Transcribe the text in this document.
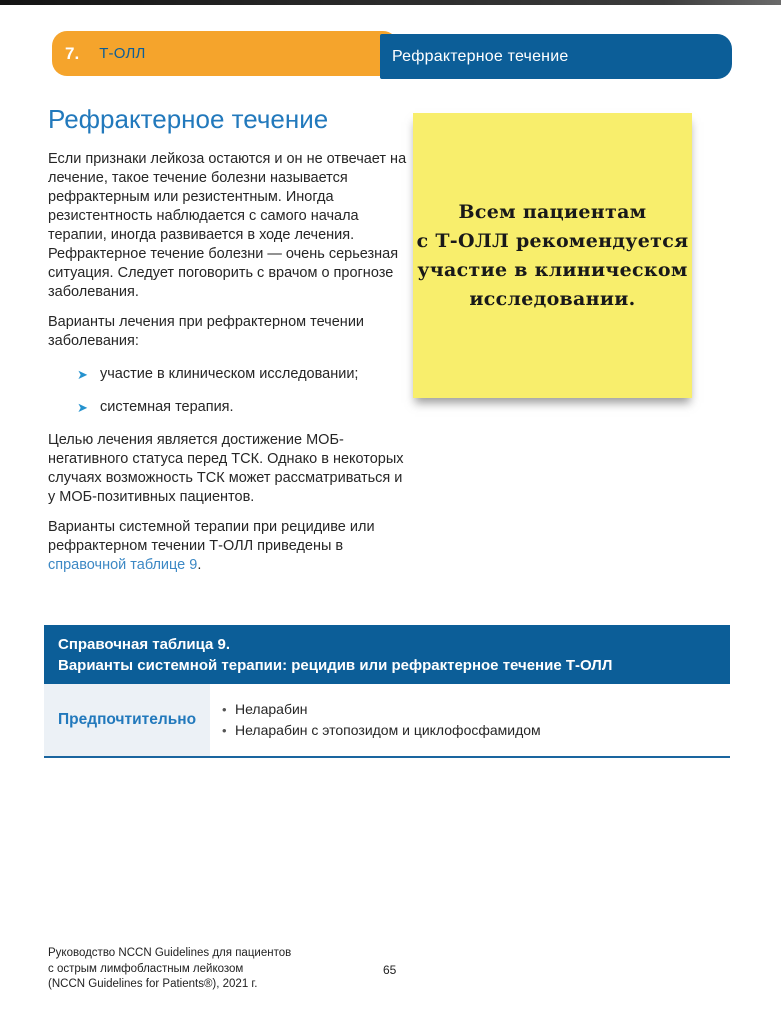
7. Т-ОЛЛ	Рефрактерное течение
Рефрактерное течение

Если признаки лейкоза остаются и он не отвечает на лечение, такое течение болезни называется рефрактерным или резистентным. Иногда резистентность наблюдается с самого начала терапии, иногда развивается в ходе лечения. Рефрактерное течение болезни — очень серьезная ситуация. Следует поговорить с врачом о прогнозе заболевания.

Варианты лечения при рефрактерном течении заболевания:

➤ участие в клиническом исследовании;
➤ системная терапия.

Целью лечения является достижение МОБ-негативного статуса перед ТСК. Однако в некоторых случаях возможность ТСК может рассматриваться и у МОБ-позитивных пациентов.

Варианты системной терапии при рецидиве или рефрактерном течении Т-ОЛЛ приведены в справочной таблице 9.

Всем пациентам
с Т-ОЛЛ рекомендуется
участие в клиническом
исследовании.
Справочная таблица 9.
Варианты системной терапии: рецидив или рефрактерное течение Т-ОЛЛ
Предпочтительно
• Неларабин
• Неларабин с этопозидом и циклофосфамидом
Руководство NCCN Guidelines для пациентов
с острым лимфобластным лейкозом
(NCCN Guidelines for Patients®), 2021 г.
65
